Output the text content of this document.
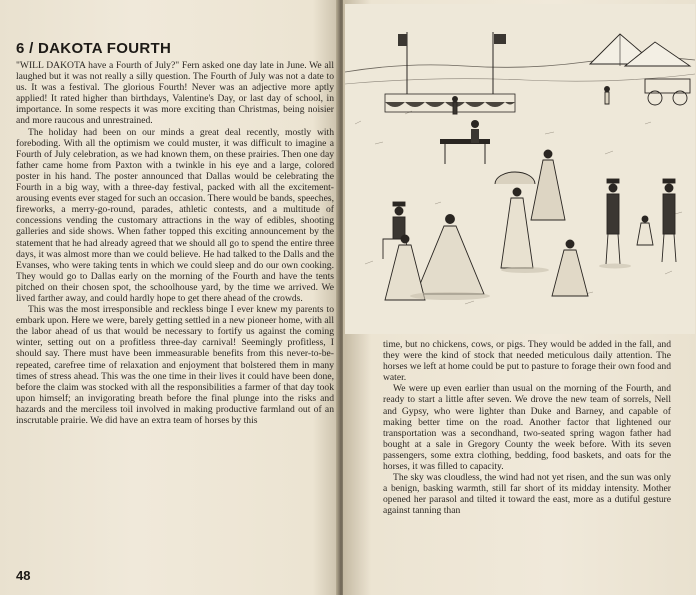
6 / DAKOTA FOURTH

"WILL DAKOTA have a Fourth of July?" Fern asked one day late in June. We all laughed but it was not really a silly question. The Fourth of July was not a date to us. It was a festival. The glorious Fourth! Never was an adjective more aptly applied! It rated higher than birthdays, Valentine's Day, or last day of school, in importance. In some respects it was more exciting than Christmas, being noisier and more raucous and unrestrained.

The holiday had been on our minds a great deal recently, mostly with foreboding. With all the optimism we could muster, it was difficult to imagine a Fourth of July celebration, as we had known them, on these prairies. Then one day father came home from Paxton with a twinkle in his eye and a large, colored poster in his hand. The poster announced that Dallas would be celebrating the Fourth in a big way, with a three-day festival, packed with all the excitement-arousing events ever staged for such an occasion. There would be bands, speeches, fireworks, a merry-go-round, parades, athletic contests, and a multitude of concessions vending the customary attractions in the way of edibles, shooting galleries and side shows. When father topped this exciting announcement by the statement that he had already agreed that we should all go to spend the entire three days, it was almost more than we could believe. He had talked to the Dalls and the Evanses, who were taking tents in which we could sleep and do our own cooking. They would go to Dallas early on the morning of the Fourth and have the tents pitched on their chosen spot, the schoolhouse yard, by the time we arrived. We lived farther away, and could hardly hope to get there ahead of the crowds.

This was the most irresponsible and reckless binge I ever knew my parents to embark upon. Here we were, barely getting settled in a new pioneer home, with all the labor ahead of us that would be necessary to fortify us against the coming winter, setting out on a profitless three-day carnival! Seemingly profitless, I should say. There must have been immeasurable benefits from this never-to-be-repeated, carefree time of relaxation and enjoyment that bolstered them in many times of stress ahead. This was the one time in their lives it could have been done, before the claim was stocked with all the responsibilities a farmer of that day took upon himself; an invigorating breath before the final plunge into the risks and hazards and the merciless toil involved in making productive farmland out of an inscrutable prairie. We did have an extra team of horses by this

48

time, but no chickens, cows, or pigs. They would be added in the fall, and they were the kind of stock that needed meticulous daily attention. The horses we left at home could be put to pasture to forage their own food and water.

We were up even earlier than usual on the morning of the Fourth, and ready to start a little after seven. We drove the new team of sorrels, Nell and Gypsy, who were lighter than Duke and Barney, and capable of making better time on the road. Another factor that lightened our transportation was a secondhand, two-seated spring wagon father had bought at a sale in Gregory County the week before. With its seven passengers, some extra clothing, bedding, food baskets, and oats for the horses, it was filled to capacity.

The sky was cloudless, the wind had not yet risen, and the sun was only a benign, basking warmth, still far short of its midday intensity. Mother opened her parasol and tilted it toward the east, more as a dutiful gesture against tanning than
